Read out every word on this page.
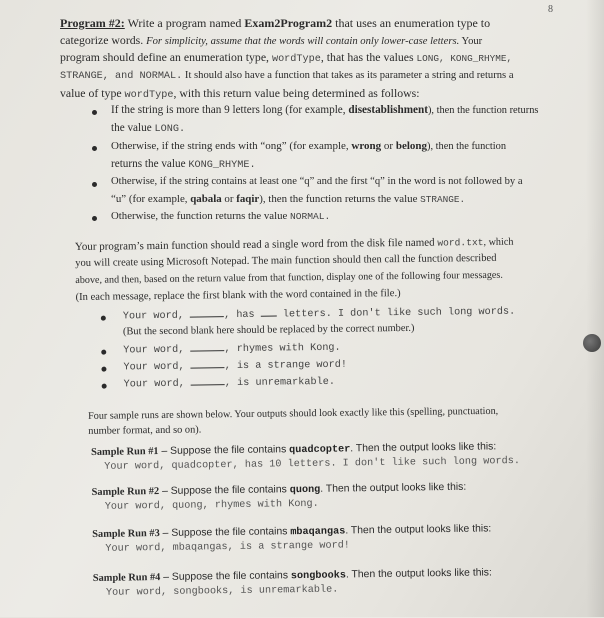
8
Program #2: Write a program named Exam2Program2 that uses an enumeration type to
categorize words. For simplicity, assume that the words will contain only lower-case letters. Your
program should define an enumeration type, wordType, that has the values LONG, KONG_RHYME,
STRANGE, and NORMAL. It should also have a function that takes as its parameter a string and returns a
value of type wordType, with this return value being determined as follows:
If the string is more than 9 letters long (for example, disestablishment), then the function returns
the value LONG.
Otherwise, if the string ends with “ong” (for example, wrong or belong), then the function
returns the value KONG_RHYME.
Otherwise, if the string contains at least one “q” and the first “q” in the word is not followed by a
“u” (for example, qabala or faqir), then the function returns the value STRANGE.
Otherwise, the function returns the value NORMAL.
Your program’s main function should read a single word from the disk file named word.txt, which
you will create using Microsoft Notepad. The main function should then call the function described
above, and then, based on the return value from that function, display one of the following four messages.
(In each message, replace the first blank with the word contained in the file.)
Your word,	, has	letters. I don't like such long words.
(But the second blank here should be replaced by the correct number.)
Your word,	, rhymes with Kong.
Your word,	, is a strange word!
Your word,	, is unremarkable.
Four sample runs are shown below. Your outputs should look exactly like this (spelling, punctuation,
number format, and so on).
Sample Run #1 – Suppose the file contains quadcopter. Then the output looks like this:
Your word, quadcopter, has 10 letters. I don't like such long words.
Sample Run #2 – Suppose the file contains quong. Then the output looks like this:
Your word, quong, rhymes with Kong.
Sample Run #3 – Suppose the file contains mbaqangas. Then the output looks like this:
Your word, mbaqangas, is a strange word!
Sample Run #4 – Suppose the file contains songbooks. Then the output looks like this:
Your word, songbooks, is unremarkable.
